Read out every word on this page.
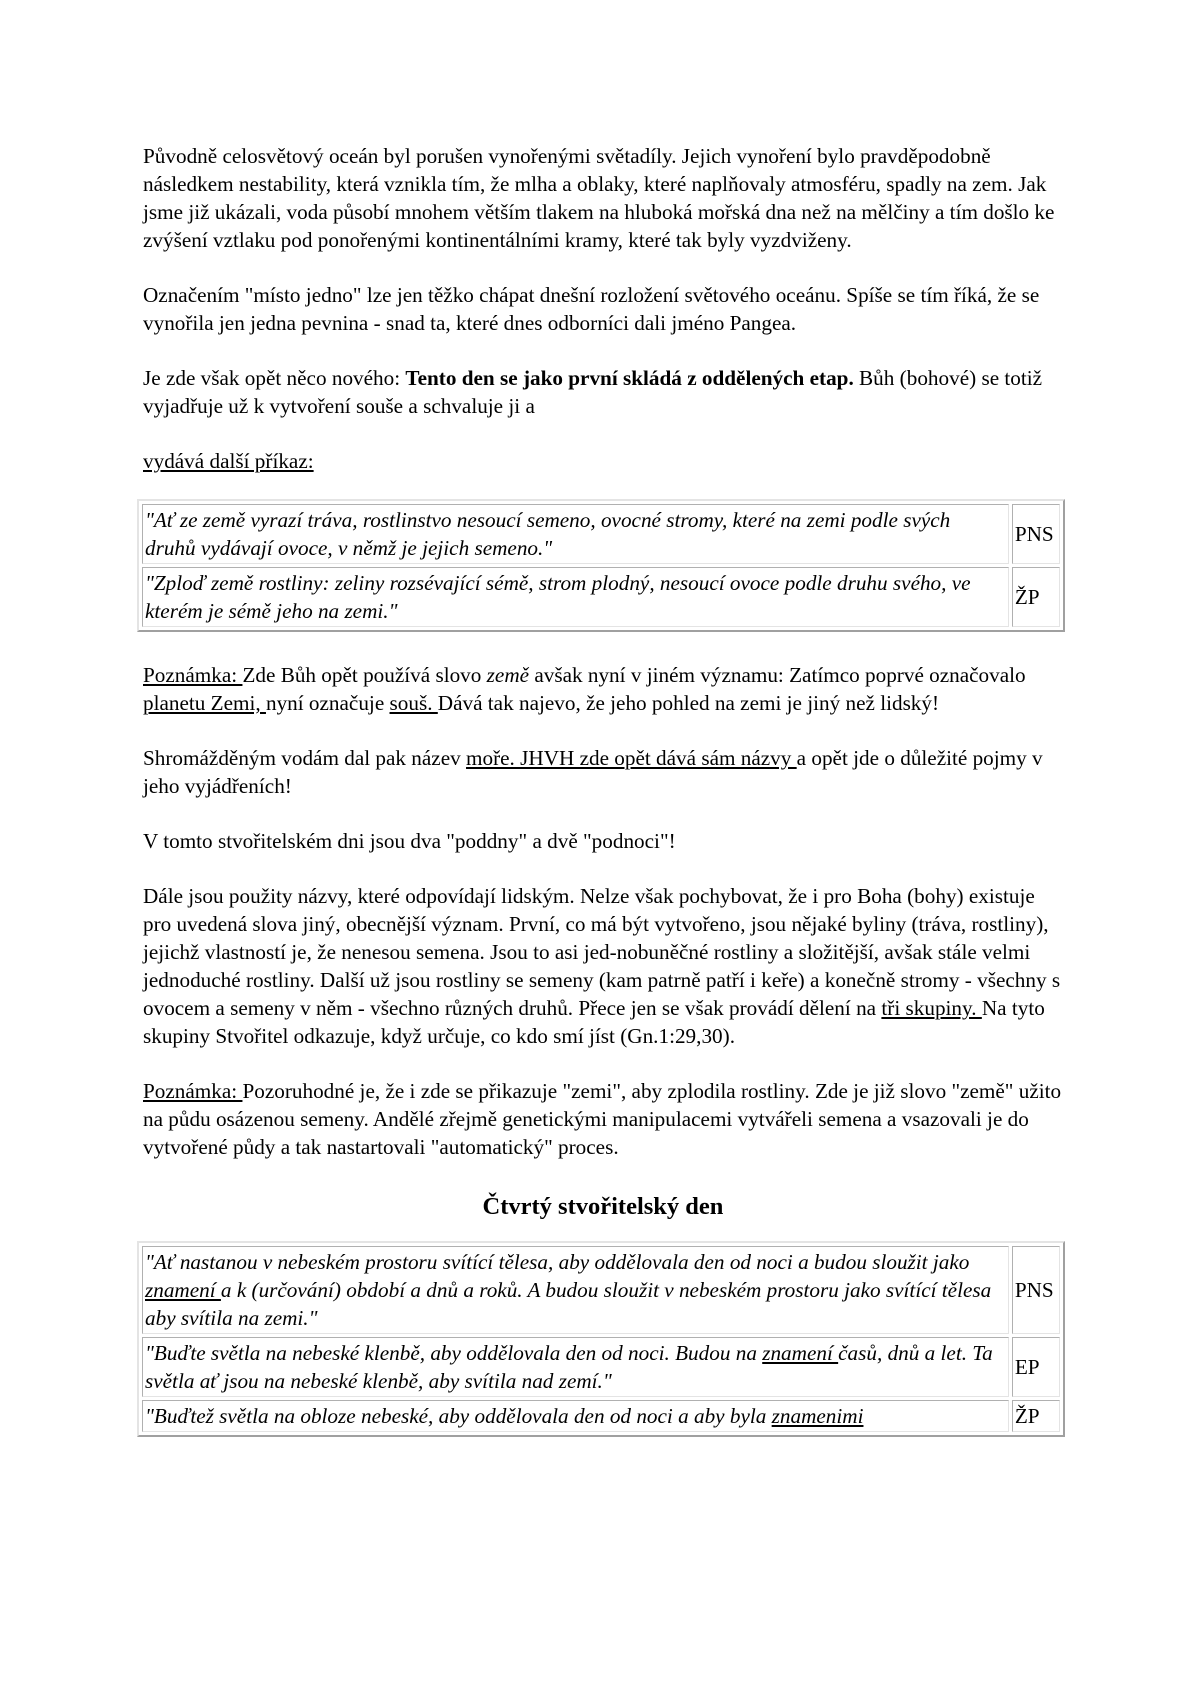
Původně celosvětový oceán byl porušen vynořenými světadíly. Jejich vynoření bylo pravděpodobně následkem nestability, která vznikla tím, že mlha a oblaky, které naplňovaly atmosféru, spadly na zem. Jak jsme již ukázali, voda působí mnohem větším tlakem na hluboká mořská dna než na mělčiny a tím došlo ke zvýšení vztlaku pod ponořenými kontinentálními kramy, které tak byly vyzdviženy.

Označením "místo jedno" lze jen těžko chápat dnešní rozložení světového oceánu. Spíše se tím říká, že se vynořila jen jedna pevnina - snad ta, které dnes odborníci dali jméno Pangea.

Je zde však opět něco nového: Tento den se jako první skládá z oddělených etap. Bůh (bohové) se totiž vyjadřuje už k vytvoření souše a schvaluje ji a

vydává další příkaz:

"Ať ze země vyrazí tráva, rostlinstvo nesoucí semeno, ovocné stromy, které na zemi podle svých druhů vydávají ovoce, v němž je jejich semeno."	PNS
"Zploď země rostliny: zeliny rozsévající sémě, strom plodný, nesoucí ovoce podle druhu svého, ve kterém je sémě jeho na zemi."	ŽP

Poznámka: Zde Bůh opět používá slovo země avšak nyní v jiném významu: Zatímco poprvé označovalo planetu Zemi, nyní označuje souš. Dává tak najevo, že jeho pohled na zemi je jiný než lidský!

Shromážděným vodám dal pak název moře. JHVH zde opět dává sám názvy a opět jde o důležité pojmy v jeho vyjádřeních!

V tomto stvořitelském dni jsou dva "poddny" a dvě "podnoci"!

Dále jsou použity názvy, které odpovídají lidským. Nelze však pochybovat, že i pro Boha (bohy) existuje pro uvedená slova jiný, obecnější význam. První, co má být vytvořeno, jsou nějaké byliny (tráva, rostliny), jejichž vlastností je, že nenesou semena. Jsou to asi jed-nobuněčné rostliny a složitější, avšak stále velmi jednoduché rostliny. Další už jsou rostliny se semeny (kam patrně patří i keře) a konečně stromy - všechny s ovocem a semeny v něm - všechno různých druhů. Přece jen se však provádí dělení na tři skupiny. Na tyto skupiny Stvořitel odkazuje, když určuje, co kdo smí jíst (Gn.1:29,30).

Poznámka: Pozoruhodné je, že i zde se přikazuje "zemi", aby zplodila rostliny. Zde je již slovo "země" užito na půdu osázenou semeny. Andělé zřejmě genetickými manipulacemi vytvářeli semena a vsazovali je do vytvořené půdy a tak nastartovali "automatický" proces.

Čtvrtý stvořitelský den
"Ať nastanou v nebeském prostoru svítící tělesa, aby oddělovala den od noci a budou sloužit jako znamení a k (určování) období a dnů a roků. A budou sloužit v nebeském prostoru jako svítící tělesa aby svítila na zemi."	PNS
"Buďte světla na nebeské klenbě, aby oddělovala den od noci. Budou na znamení časů, dnů a let. Ta světla ať jsou na nebeské klenbě, aby svítila nad zemí."	EP
"Buďtež světla na obloze nebeské, aby oddělovala den od noci a aby byla znamenimi	ŽP
